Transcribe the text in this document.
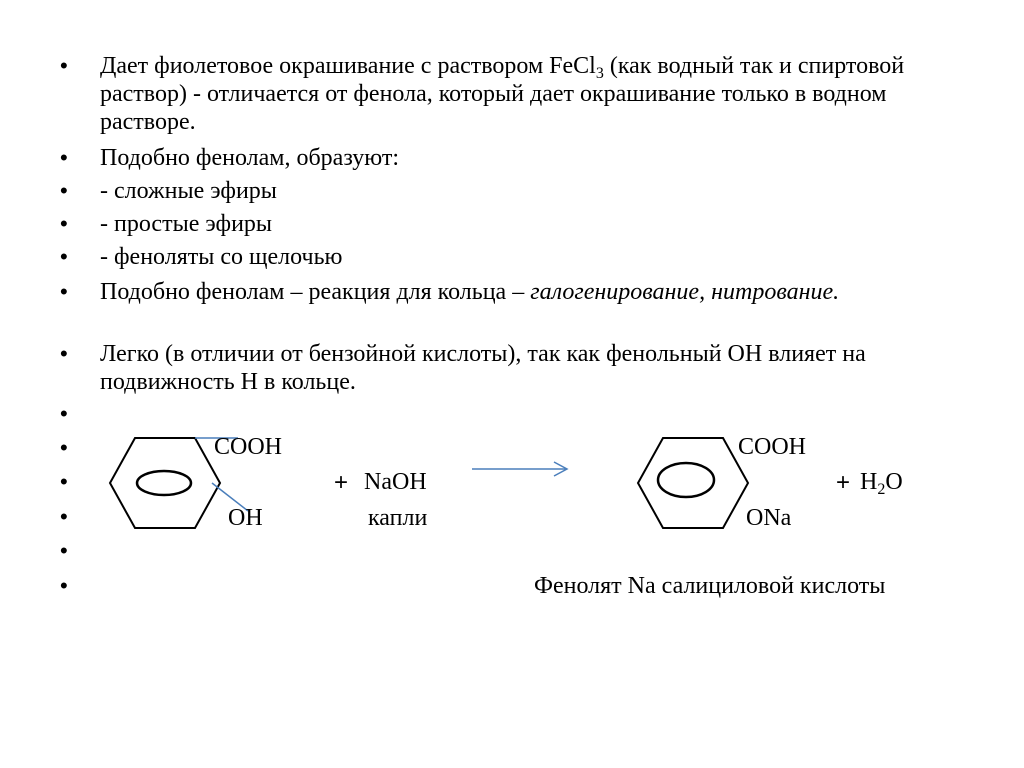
•
•
•
•
•
•
•
•
•
•
•
•
•
Дает фиолетовое окрашивание с раствором FeCl$_3$ (как водный так и спиртовой раствор) - отличается от фенола, который дает окрашивание только в водном растворе.
Подобно фенолам, образуют:
- сложные эфиры
- простые эфиры
- феноляты со щелочью
Подобно фенолам – реакция для кольца – галогенирование, нитрование.
Легко (в отличии от бензойной кислоты), так как фенольный OH влияет на подвижность H в кольце.
COOH
OH
+ NaOH
капли
COOH
ONa
+ $H_2O$
Фенолят Na салициловой кислоты
